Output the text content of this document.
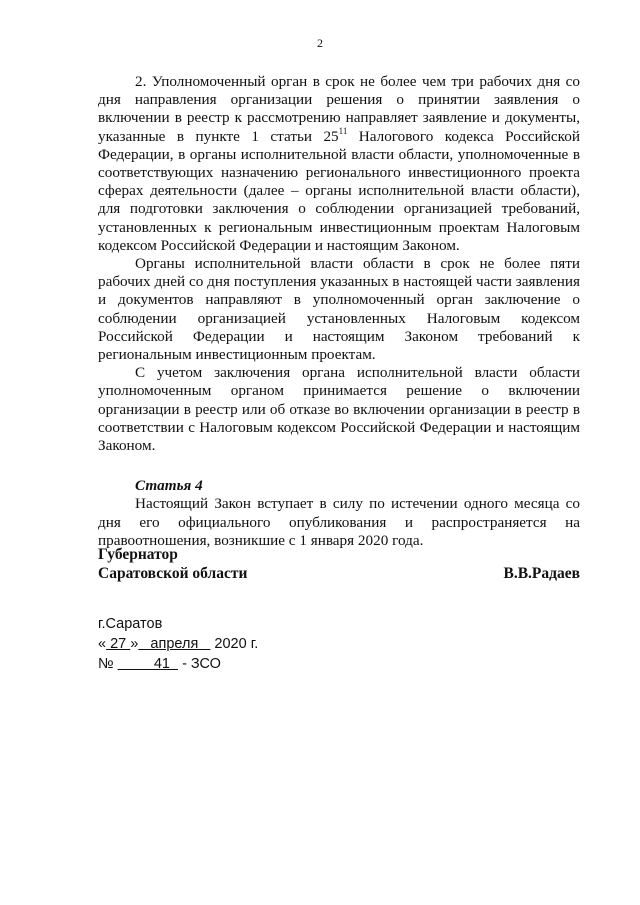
2

2. Уполномоченный орган в срок не более чем три рабочих дня со дня направления организации решения о принятии заявления о включении в реестр к рассмотрению направляет заявление и документы, указанные в пункте 1 статьи $25^{11}$ Налогового кодекса Российской Федерации, в органы исполнительной власти области, уполномоченные в соответствующих назначению регионального инвестиционного проекта сферах деятельности (далее – органы исполнительной власти области), для подготовки заключения о соблюдении организацией требований, установленных к региональным инвестиционным проектам Налоговым кодексом Российской Федерации и настоящим Законом.

Органы исполнительной власти области в срок не более пяти рабочих дней со дня поступления указанных в настоящей части заявления и документов направляют в уполномоченный орган заключение о соблюдении организацией установленных Налоговым кодексом Российской Федерации и настоящим Законом требований к региональным инвестиционным проектам.

С учетом заключения органа исполнительной власти области уполномоченным органом принимается решение о включении организации в реестр или об отказе во включении организации в реестр в соответствии с Налоговым кодексом Российской Федерации и настоящим Законом.

Статья 4

Настоящий Закон вступает в силу по истечении одного месяца со дня его официального опубликования и распространяется на правоотношения, возникшие с 1 января 2020 года.

Губернатор
Саратовской области	В.В.Радаев
г.Саратов
« 27 »   апреля    2020 г.
№          41   - ЗСО
